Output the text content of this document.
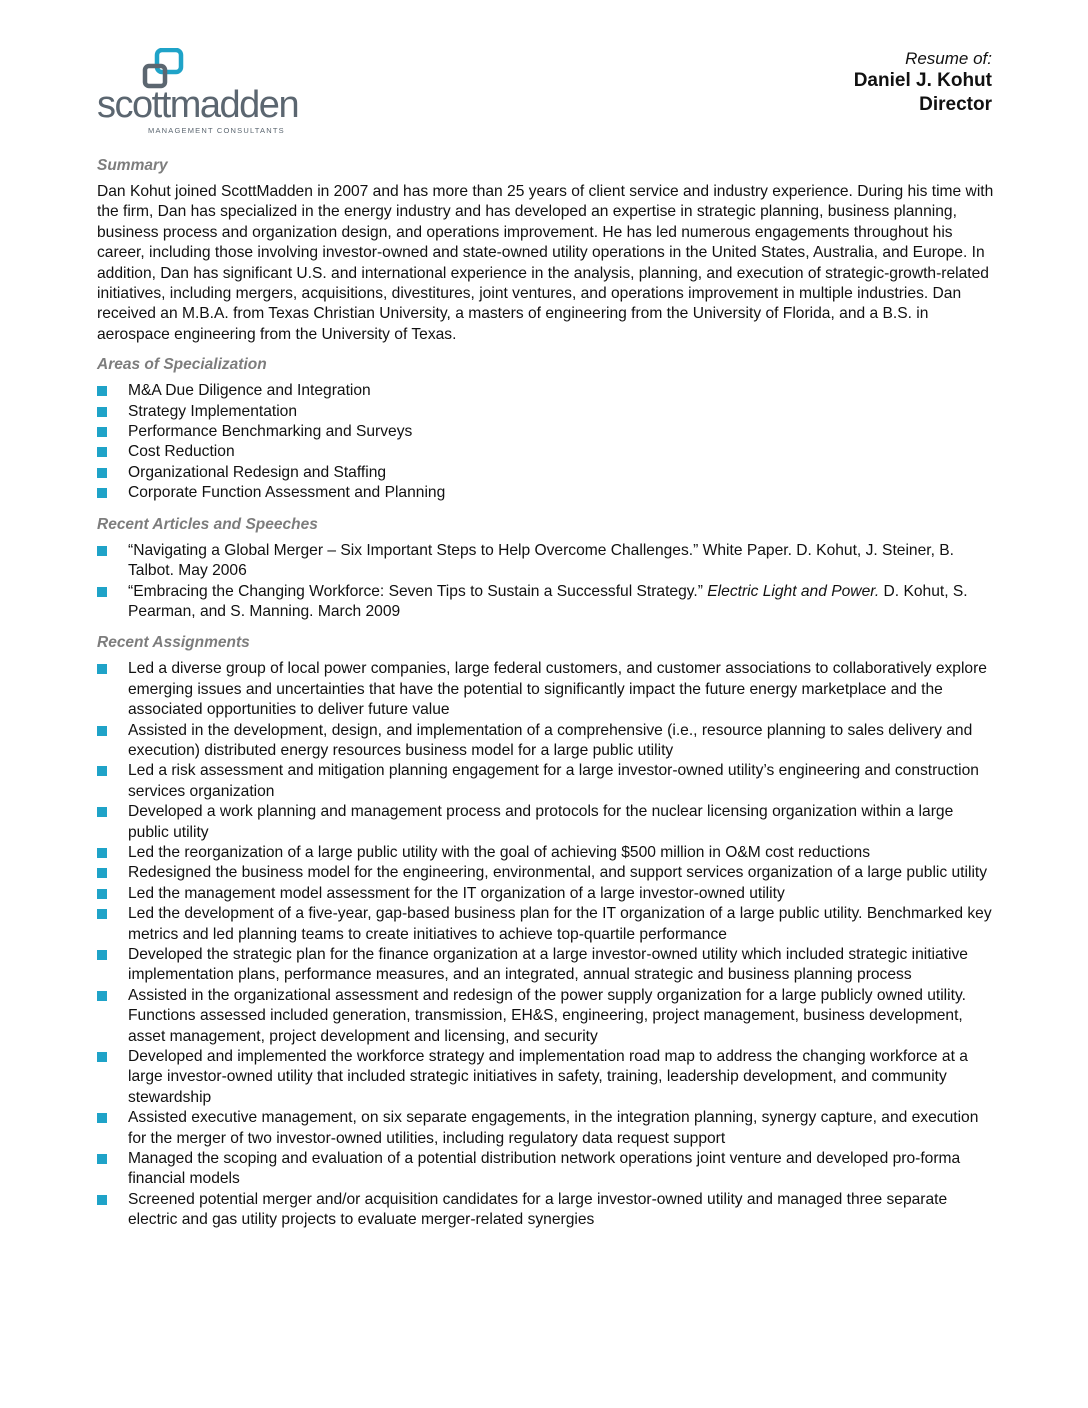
scottmadden
MANAGEMENT CONSULTANTS
Resume of:
Daniel J. Kohut
Director
Summary

Dan Kohut joined ScottMadden in 2007 and has more than 25 years of client service and industry experience. During his time with the firm, Dan has specialized in the energy industry and has developed an expertise in strategic planning, business planning, business process and organization design, and operations improvement. He has led numerous engagements throughout his career, including those involving investor-owned and state-owned utility operations in the United States, Australia, and Europe. In addition, Dan has significant U.S. and international experience in the analysis, planning, and execution of strategic-growth-related initiatives, including mergers, acquisitions, divestitures, joint ventures, and operations improvement in multiple industries. Dan received an M.B.A. from Texas Christian University, a masters of engineering from the University of Florida, and a B.S. in aerospace engineering from the University of Texas.

Areas of Specialization
M&A Due Diligence and Integration
Strategy Implementation
Performance Benchmarking and Surveys
Cost Reduction
Organizational Redesign and Staffing
Corporate Function Assessment and Planning
Recent Articles and Speeches
“Navigating a Global Merger – Six Important Steps to Help Overcome Challenges.” White Paper. D. Kohut, J. Steiner, B. Talbot. May 2006
“Embracing the Changing Workforce: Seven Tips to Sustain a Successful Strategy.” Electric Light and Power. D. Kohut, S. Pearman, and S. Manning. March 2009
Recent Assignments
Led a diverse group of local power companies, large federal customers, and customer associations to collaboratively explore emerging issues and uncertainties that have the potential to significantly impact the future energy marketplace and the associated opportunities to deliver future value
Assisted in the development, design, and implementation of a comprehensive (i.e., resource planning to sales delivery and execution) distributed energy resources business model for a large public utility
Led a risk assessment and mitigation planning engagement for a large investor-owned utility’s engineering and construction services organization
Developed a work planning and management process and protocols for the nuclear licensing organization within a large public utility
Led the reorganization of a large public utility with the goal of achieving $500 million in O&M cost reductions
Redesigned the business model for the engineering, environmental, and support services organization of a large public utility
Led the management model assessment for the IT organization of a large investor-owned utility
Led the development of a five-year, gap-based business plan for the IT organization of a large public utility. Benchmarked key metrics and led planning teams to create initiatives to achieve top-quartile performance
Developed the strategic plan for the finance organization at a large investor-owned utility which included strategic initiative implementation plans, performance measures, and an integrated, annual strategic and business planning process
Assisted in the organizational assessment and redesign of the power supply organization for a large publicly owned utility. Functions assessed included generation, transmission, EH&S, engineering, project management, business development, asset management, project development and licensing, and security
Developed and implemented the workforce strategy and implementation road map to address the changing workforce at a large investor-owned utility that included strategic initiatives in safety, training, leadership development, and community stewardship
Assisted executive management, on six separate engagements, in the integration planning, synergy capture, and execution for the merger of two investor-owned utilities, including regulatory data request support
Managed the scoping and evaluation of a potential distribution network operations joint venture and developed pro-forma financial models
Screened potential merger and/or acquisition candidates for a large investor-owned utility and managed three separate electric and gas utility projects to evaluate merger-related synergies
